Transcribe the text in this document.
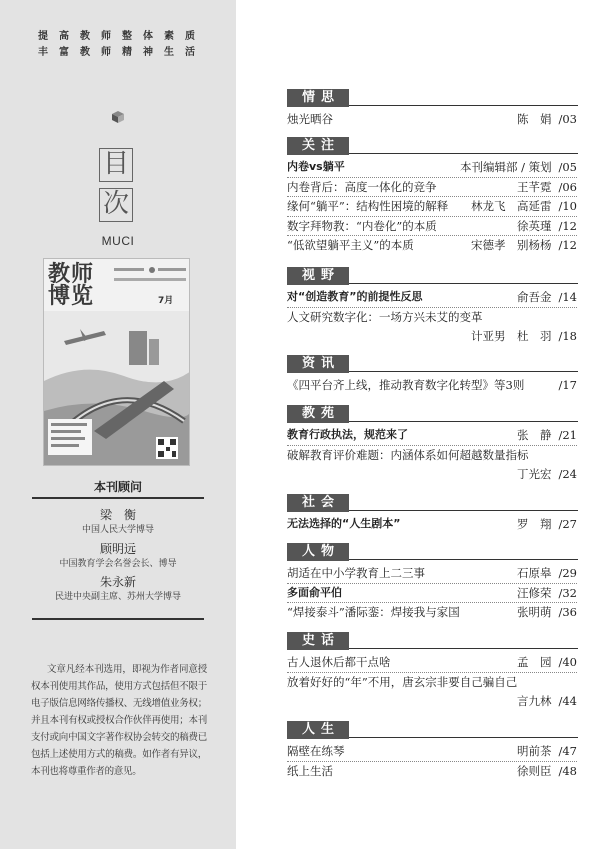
提高教师整体素质
丰富教师精神生活
目
次
MUCI
教师
博览	7月
本刊顾问
梁　衡
中国人民大学博导
顾明远
中国教育学会名誉会长、博导
朱永新
民进中央副主席、苏州大学博导
文章凡经本刊选用，即视为作者同意授权本刊使用其作品，使用方式包括但不限于电子版信息网络传播权、无线增值业务权；并且本刊有权或授权合作伙伴再使用；本刊支付或向中国文字著作权协会转交的稿费已包括上述使用方式的稿费。如作者有异议，本刊也将尊重作者的意见。
情思
烛光晒谷	陈　娟 /03
关注
内卷vs躺平	本刊编辑部 / 策划 /05
内卷背后：高度一体化的竞争	王芊霓 /06
缘何“躺平”：结构性困境的解释 林龙飞　高延雷 /10
数字拜物教：“内卷化”的本质	徐英瑾 /12
“低欲望躺平主义”的本质	宋德孝　别杨杨 /12
视野
对“创造教育”的前提性反思	俞吾金 /14
人文研究数字化：一场方兴未艾的变革
计亚男　杜　羽 /18
资讯
《四平台齐上线，推动教育数字化转型》等3则	/17
教苑
教育行政执法，规范来了	张　静 /21
破解教育评价难题：内涵体系如何超越数量指标
丁光宏 /24
社会
无法选择的“人生剧本”	罗　翔 /27
人物
胡适在中小学教育上二三事	石原皋 /29
多面俞平伯	汪修荣 /32
“焊接泰斗”潘际銮：焊接我与家国	张明萌 /36
史话
古人退休后都干点啥	孟　园 /40
放着好好的“年”不用，唐玄宗非要自己骗自己
言九林 /44
人生
隔壁在练琴	明前茶 /47
纸上生活	徐则臣 /48
